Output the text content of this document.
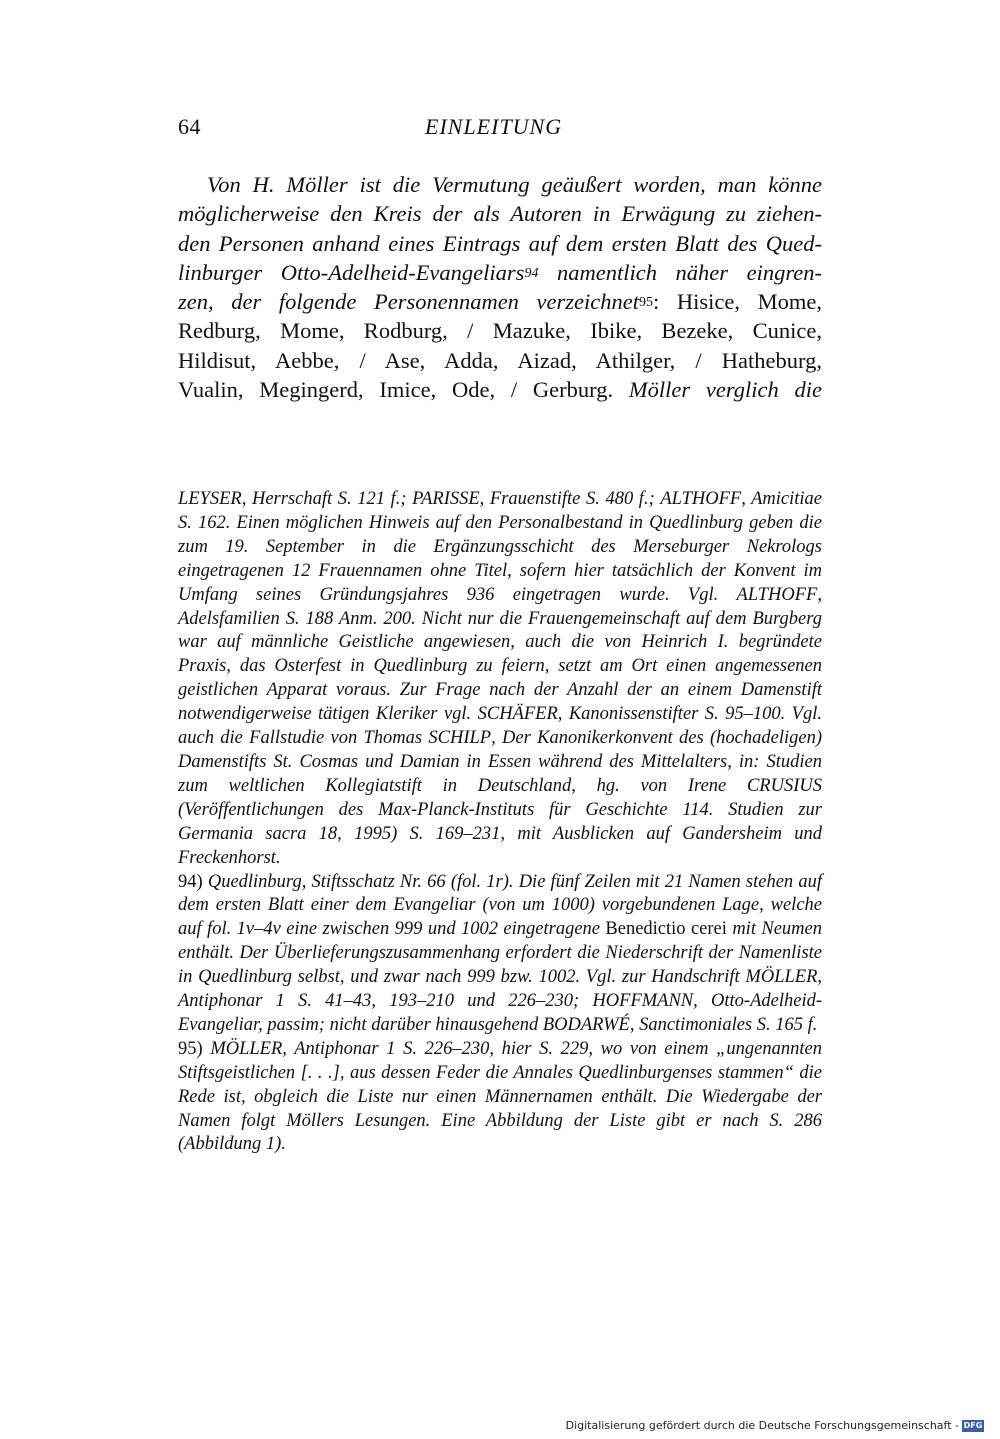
64	EINLEITUNG
Von H. Möller ist die Vermutung geäußert worden, man könne
möglicherweise den Kreis der als Autoren in Erwägung zu ziehen-
den Personen anhand eines Eintrags auf dem ersten Blatt des Qued-
linburger Otto-Adelheid-Evangeliars$^{94}$ namentlich näher eingren-
zen, der folgende Personennamen verzeichnet$^{95}$: Hisice, Mome,
Redburg, Mome, Rodburg, / Mazuke, Ibike, Bezeke, Cunice,
Hildisut, Aebbe, / Ase, Adda, Aizad, Athilger, / Hatheburg,
Vualin, Megingerd, Imice, Ode, / Gerburg. Möller verglich die

LEYSER, Herrschaft S. 121 f.; PARISSE, Frauenstifte S. 480 f.; ALTHOFF, Amicitiae S. 162. Einen möglichen Hinweis auf den Personalbestand in Quedlinburg geben die zum 19. September in die Ergänzungsschicht des Merseburger Nekrologs eingetragenen 12 Frauennamen ohne Titel, sofern hier tatsächlich der Konvent im Umfang seines Gründungsjahres 936 eingetragen wurde. Vgl. ALTHOFF, Adelsfamilien S. 188 Anm. 200. Nicht nur die Frauengemeinschaft auf dem Burgberg war auf männliche Geistliche angewiesen, auch die von Heinrich I. begründete Praxis, das Osterfest in Quedlinburg zu feiern, setzt am Ort einen angemessenen geistlichen Apparat voraus. Zur Frage nach der Anzahl der an einem Damenstift notwendigerweise tätigen Kleriker vgl. SCHÄFER, Kanonissenstifter S. 95–100. Vgl. auch die Fallstudie von Thomas SCHILP, Der Kanonikerkonvent des (hochadeligen) Damenstifts St. Cosmas und Damian in Essen während des Mittelalters, in: Studien zum weltlichen Kollegiatstift in Deutschland, hg. von Irene CRUSIUS (Veröffentlichungen des Max-Planck-Instituts für Geschichte 114. Studien zur Germania sacra 18, 1995) S. 169–231, mit Ausblicken auf Gandersheim und Freckenhorst.

94) Quedlinburg, Stiftsschatz Nr. 66 (fol. 1r). Die fünf Zeilen mit 21 Namen stehen auf dem ersten Blatt einer dem Evangeliar (von um 1000) vorgebundenen Lage, welche auf fol. 1v–4v eine zwischen 999 und 1002 eingetragene Benedictio cerei mit Neumen enthält. Der Überlieferungszusammenhang erfordert die Niederschrift der Namenliste in Quedlinburg selbst, und zwar nach 999 bzw. 1002. Vgl. zur Handschrift MÖLLER, Antiphonar 1 S. 41–43, 193–210 und 226–230; HOFFMANN, Otto-Adelheid-Evangeliar, passim; nicht darüber hinausgehend BODARWÉ, Sanctimoniales S. 165 f.

95) MÖLLER, Antiphonar 1 S. 226–230, hier S. 229, wo von einem „ungenannten Stiftsgeistlichen [. . .], aus dessen Feder die Annales Quedlinburgenses stammen“ die Rede ist, obgleich die Liste nur einen Männernamen enthält. Die Wiedergabe der Namen folgt Möllers Lesungen. Eine Abbildung der Liste gibt er nach S. 286 (Abbildung 1).

Digitalisierung gefördert durch die Deutsche Forschungsgemeinschaft - DFG
